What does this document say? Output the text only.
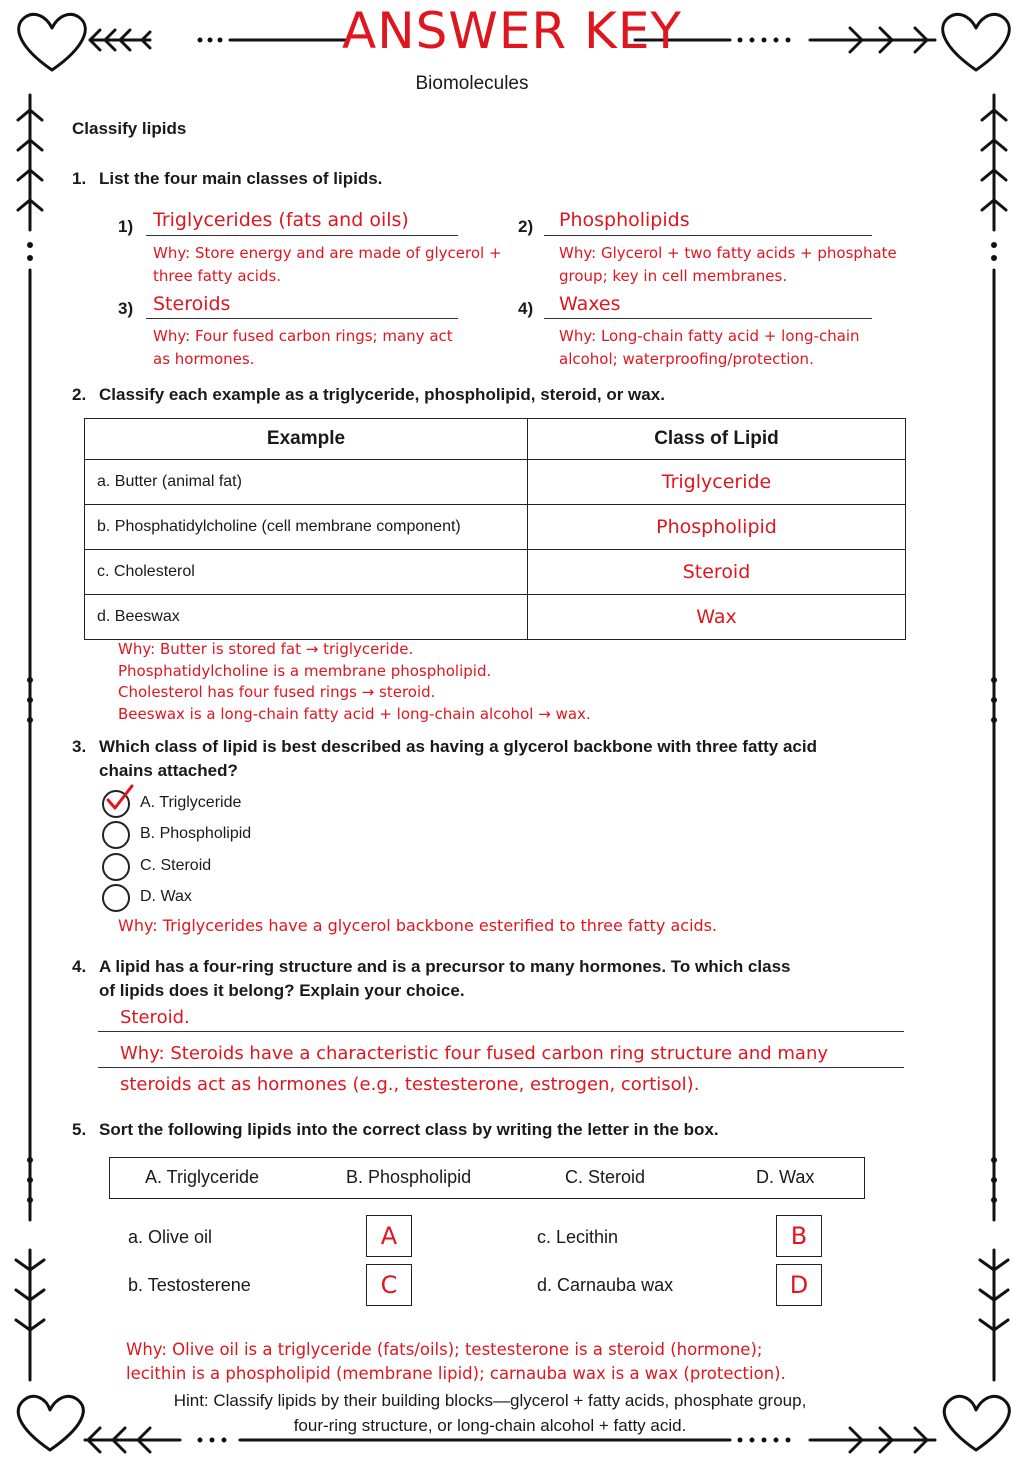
ANSWER KEY
Biomolecules
Classify lipids
1. List the four main classes of lipids.
1) Triglycerides (fats and oils)
Why: Store energy and are made of glycerol +
three fatty acids.
2) Phospholipids
Why: Glycerol + two fatty acids + phosphate
group; key in cell membranes.
3) Steroids
Why: Four fused carbon rings; many act
as hormones.
4) Waxes
Why: Long-chain fatty acid + long-chain
alcohol; waterproofing/protection.
2. Classify each example as a triglyceride, phospholipid, steroid, or wax.
Example	Class of Lipid
a. Butter (animal fat)	Triglyceride
b. Phosphatidylcholine (cell membrane component)	Phospholipid
c. Cholesterol	Steroid
d. Beeswax	Wax
Why: Butter is stored fat → triglyceride.
Phosphatidylcholine is a membrane phospholipid.
Cholesterol has four fused rings → steroid.
Beeswax is a long-chain fatty acid + long-chain alcohol → wax.
3. Which class of lipid is best described as having a glycerol backbone with three fatty acid
chains attached?
A. Triglyceride
B. Phospholipid
C. Steroid
D. Wax
Why: Triglycerides have a glycerol backbone esterified to three fatty acids.
4. A lipid has a four-ring structure and is a precursor to many hormones. To which class
of lipids does it belong? Explain your choice.
Steroid.
Why: Steroids have a characteristic four fused carbon ring structure and many
steroids act as hormones (e.g., testesterone, estrogen, cortisol).
5. Sort the following lipids into the correct class by writing the letter in the box.
A. Triglyceride	B. Phospholipid	C. Steroid	D. Wax
a. Olive oil	A
b. Testosterene	C
c. Lecithin	B
d. Carnauba wax	D
Why: Olive oil is a triglyceride (fats/oils); testesterone is a steroid (hormone);
lecithin is a phospholipid (membrane lipid); carnauba wax is a wax (protection).
Hint: Classify lipids by their building blocks—glycerol + fatty acids, phosphate group,
four-ring structure, or long-chain alcohol + fatty acid.
